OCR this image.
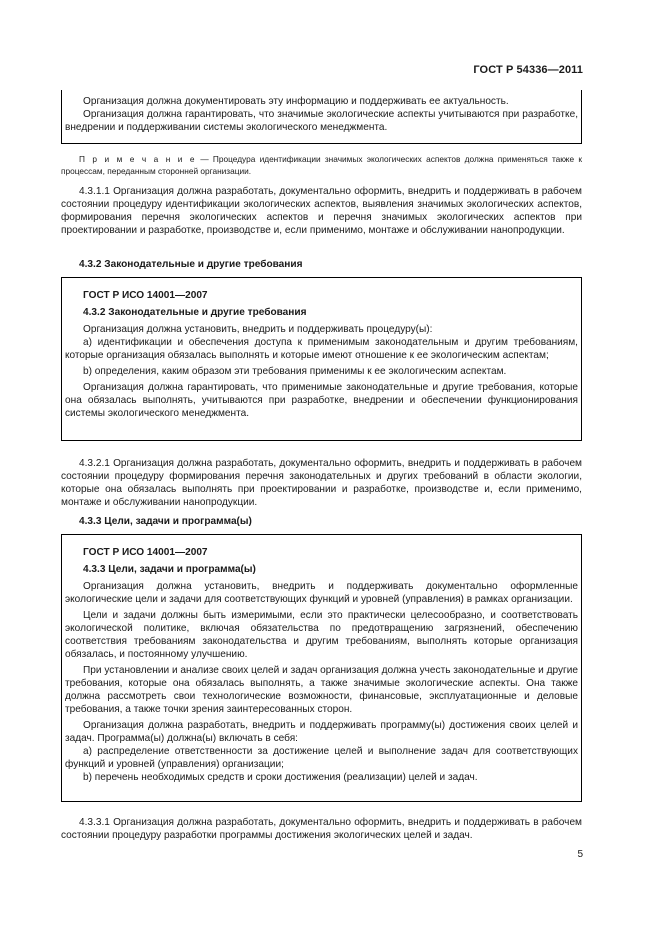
ГОСТ Р 54336—2011

Организация должна документировать эту информацию и поддерживать ее актуальность.

Организация должна гарантировать, что значимые экологические аспекты учитываются при разработке, внедрении и поддерживании системы экологического менеджмента.

П р и м е ч а н и е — Процедура идентификации значимых экологических аспектов должна применяться также к процессам, переданным сторонней организации.

4.3.1.1 Организация должна разработать, документально оформить, внедрить и поддерживать в рабочем состоянии процедуру идентификации экологических аспектов, выявления значимых экологических аспектов, формирования перечня экологических аспектов и перечня значимых экологических аспектов при проектировании и разработке, производстве и, если применимо, монтаже и обслуживании нанопродукции.

4.3.2 Законодательные и другие требования

ГОСТ Р ИСО 14001—2007

4.3.2 Законодательные и другие требования

Организация должна установить, внедрить и поддерживать процедуру(ы):

a) идентификации и обеспечения доступа к применимым законодательным и другим требованиям, которые организация обязалась выполнять и которые имеют отношение к ее экологическим аспектам;

b) определения, каким образом эти требования применимы к ее экологическим аспектам.

Организация должна гарантировать, что применимые законодательные и другие требования, которые она обязалась выполнять, учитываются при разработке, внедрении и обеспечении функционирования системы экологического менеджмента.

4.3.2.1 Организация должна разработать, документально оформить, внедрить и поддерживать в рабочем состоянии процедуру формирования перечня законодательных и других требований в области экологии, которые она обязалась выполнять при проектировании и разработке, производстве и, если применимо, монтаже и обслуживании нанопродукции.

4.3.3 Цели, задачи и программа(ы)

ГОСТ Р ИСО 14001—2007

4.3.3 Цели, задачи и программа(ы)

Организация должна установить, внедрить и поддерживать документально оформленные экологические цели и задачи для соответствующих функций и уровней (управления) в рамках организации.

Цели и задачи должны быть измеримыми, если это практически целесообразно, и соответствовать экологической политике, включая обязательства по предотвращению загрязнений, обеспечению соответствия требованиям законодательства и другим требованиям, выполнять которые организация обязалась, и постоянному улучшению.

При установлении и анализе своих целей и задач организация должна учесть законодательные и другие требования, которые она обязалась выполнять, а также значимые экологические аспекты. Она также должна рассмотреть свои технологические возможности, финансовые, эксплуатационные и деловые требования, а также точки зрения заинтересованных сторон.

Организация должна разработать, внедрить и поддерживать программу(ы) достижения своих целей и задач. Программа(ы) должна(ы) включать в себя:

a) распределение ответственности за достижение целей и выполнение задач для соответствующих функций и уровней (управления) организации;

b) перечень необходимых средств и сроки достижения (реализации) целей и задач.

4.3.3.1 Организация должна разработать, документально оформить, внедрить и поддерживать в рабочем состоянии процедуру разработки программы достижения экологических целей и задач.

5
